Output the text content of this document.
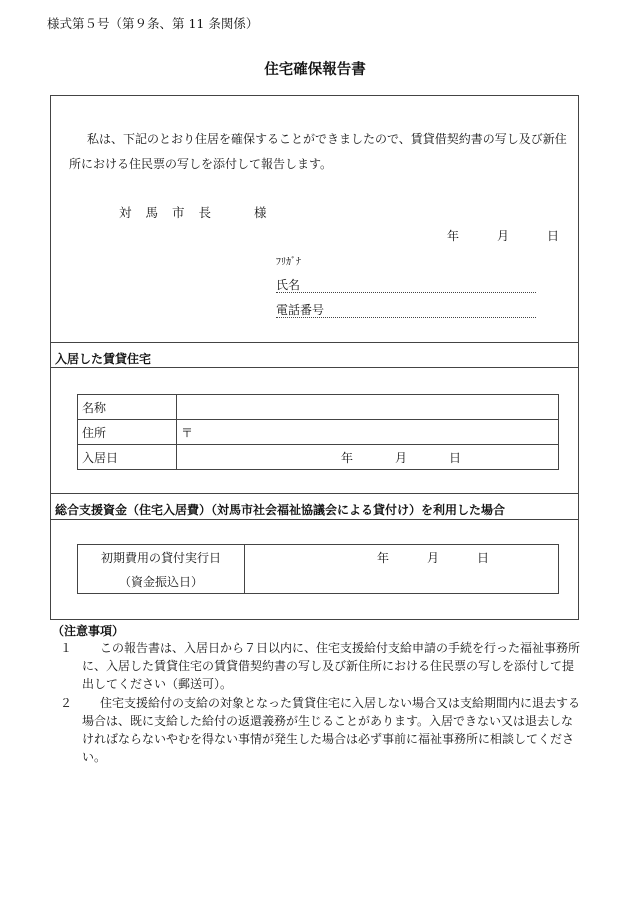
様式第５号（第９条、第 11 条関係）
住宅確保報告書
私は、下記のとおり住居を確保することができましたので、賃貸借契約書の写し及び新住所における住民票の写しを添付して報告します。
対馬市長 様
年	月	日
ﾌﾘｶﾞﾅ
氏名
電話番号
入居した賃貸住宅
名称	
住所	〒
入居日	年 月 日
総合支援資金（住宅入居費）（対馬市社会福祉協議会による貸付け）を利用した場合
初期費用の貸付実行日	年	月	日

（資金振込日）
（注意事項）
１	この報告書は、入居日から７日以内に、住宅支援給付支給申請の手続を行った福祉事務所に、入居した賃貸住宅の賃貸借契約書の写し及び新住所における住民票の写しを添付して提出してください（郵送可）。
２	住宅支援給付の支給の対象となった賃貸住宅に入居しない場合又は支給期間内に退去する場合は、既に支給した給付の返還義務が生じることがあります。入居できない又は退去しなければならないやむを得ない事情が発生した場合は必ず事前に福祉事務所に相談してください。
